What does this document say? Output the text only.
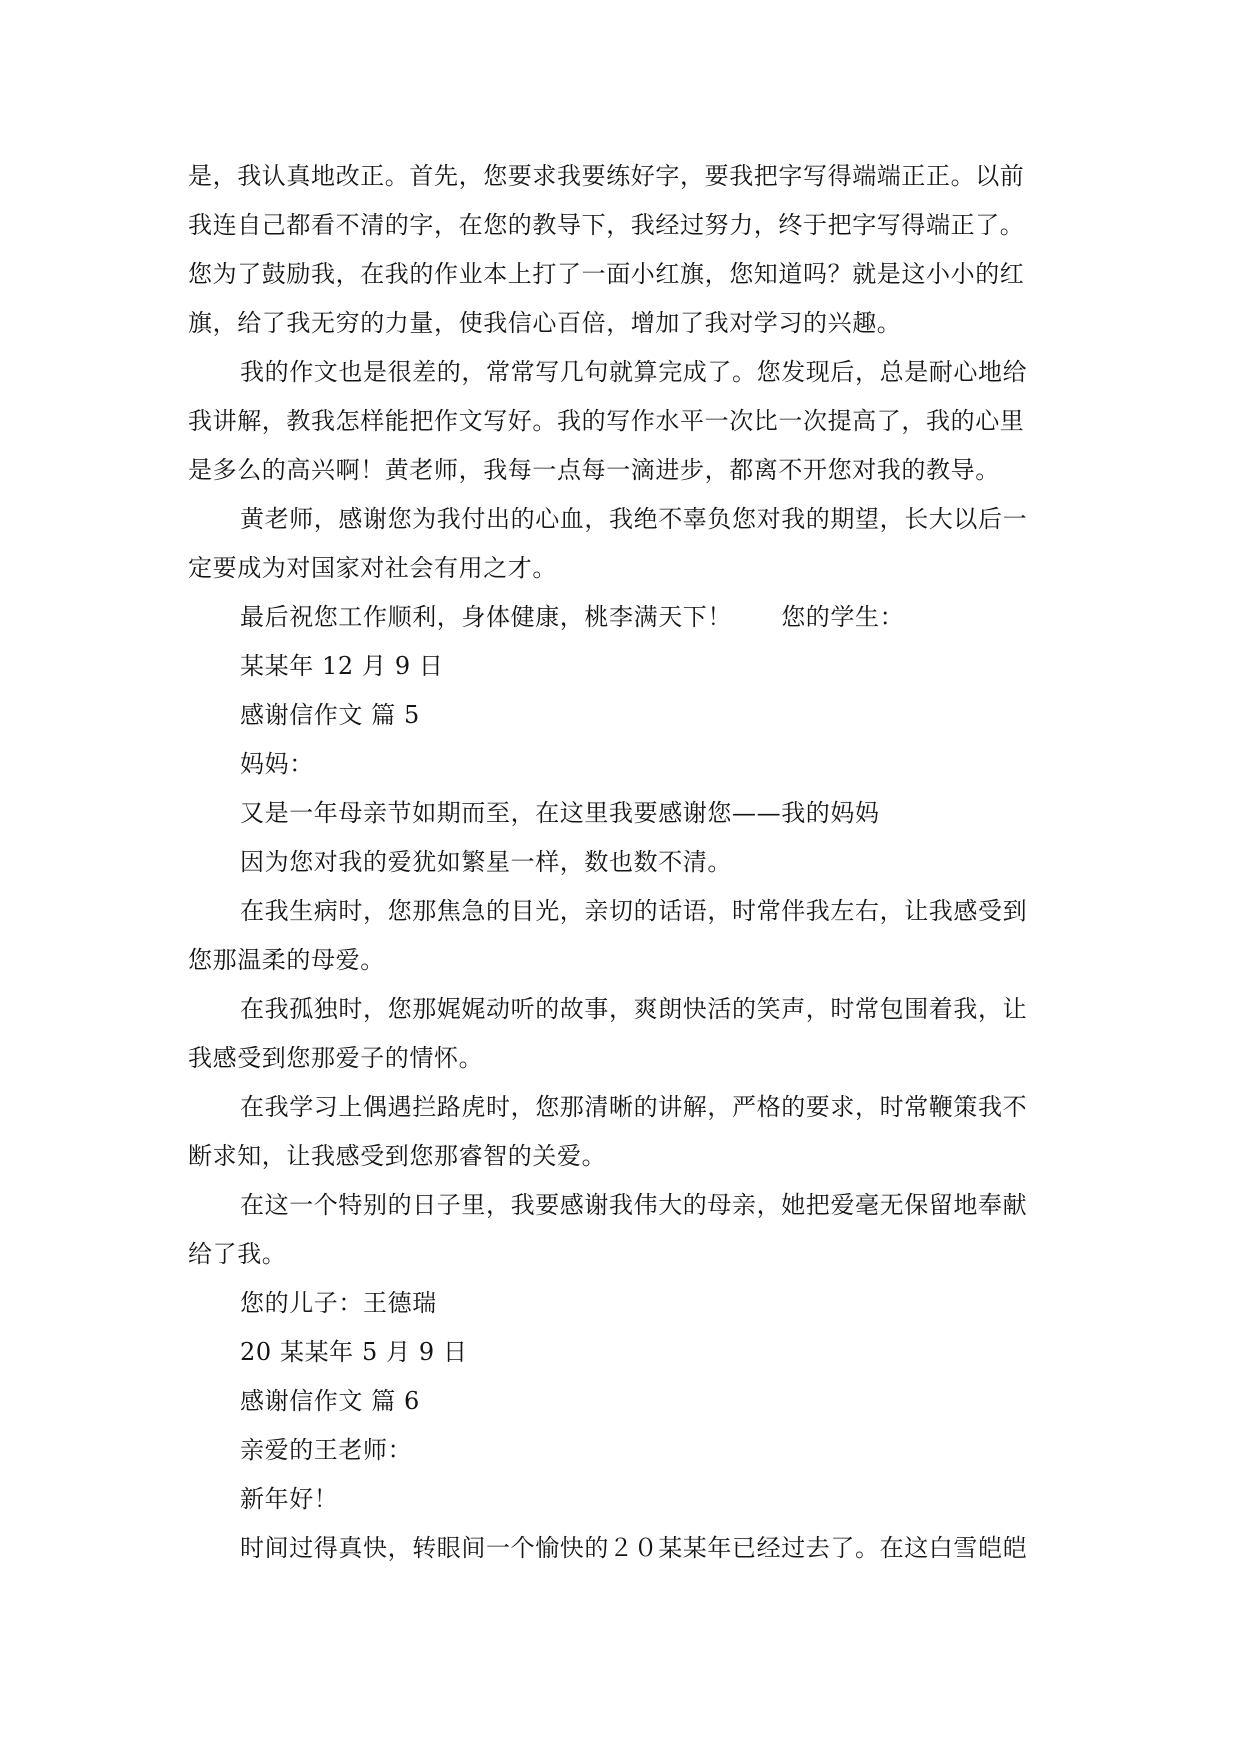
是，我认真地改正。首先，您要求我要练好字，要我把字写得端端正正。以前
我连自己都看不清的字，在您的教导下，我经过努力，终于把字写得端正了。
您为了鼓励我，在我的作业本上打了一面小红旗，您知道吗？就是这小小的红
旗，给了我无穷的力量，使我信心百倍，增加了我对学习的兴趣。
我的作文也是很差的，常常写几句就算完成了。您发现后，总是耐心地给
我讲解，教我怎样能把作文写好。我的写作水平一次比一次提高了，我的心里
是多么的高兴啊！黄老师，我每一点每一滴进步，都离不开您对我的教导。
黄老师，感谢您为我付出的心血，我绝不辜负您对我的期望，长大以后一
定要成为对国家对社会有用之才。
最后祝您工作顺利，身体健康，桃李满天下！　　您的学生：
某某年 12 月 9 日
感谢信作文 篇 5
妈妈：
又是一年母亲节如期而至，在这里我要感谢您——我的妈妈
因为您对我的爱犹如繁星一样，数也数不清。
在我生病时，您那焦急的目光，亲切的话语，时常伴我左右，让我感受到
您那温柔的母爱。
在我孤独时，您那娓娓动听的故事，爽朗快活的笑声，时常包围着我，让
我感受到您那爱子的情怀。
在我学习上偶遇拦路虎时，您那清晰的讲解，严格的要求，时常鞭策我不
断求知，让我感受到您那睿智的关爱。
在这一个特别的日子里，我要感谢我伟大的母亲，她把爱毫无保留地奉献
给了我。
您的儿子：王德瑞
20 某某年 5 月 9 日
感谢信作文 篇 6
亲爱的王老师：
新年好！
时间过得真快，转眼间一个愉快的２０某某年已经过去了。在这白雪皑皑
